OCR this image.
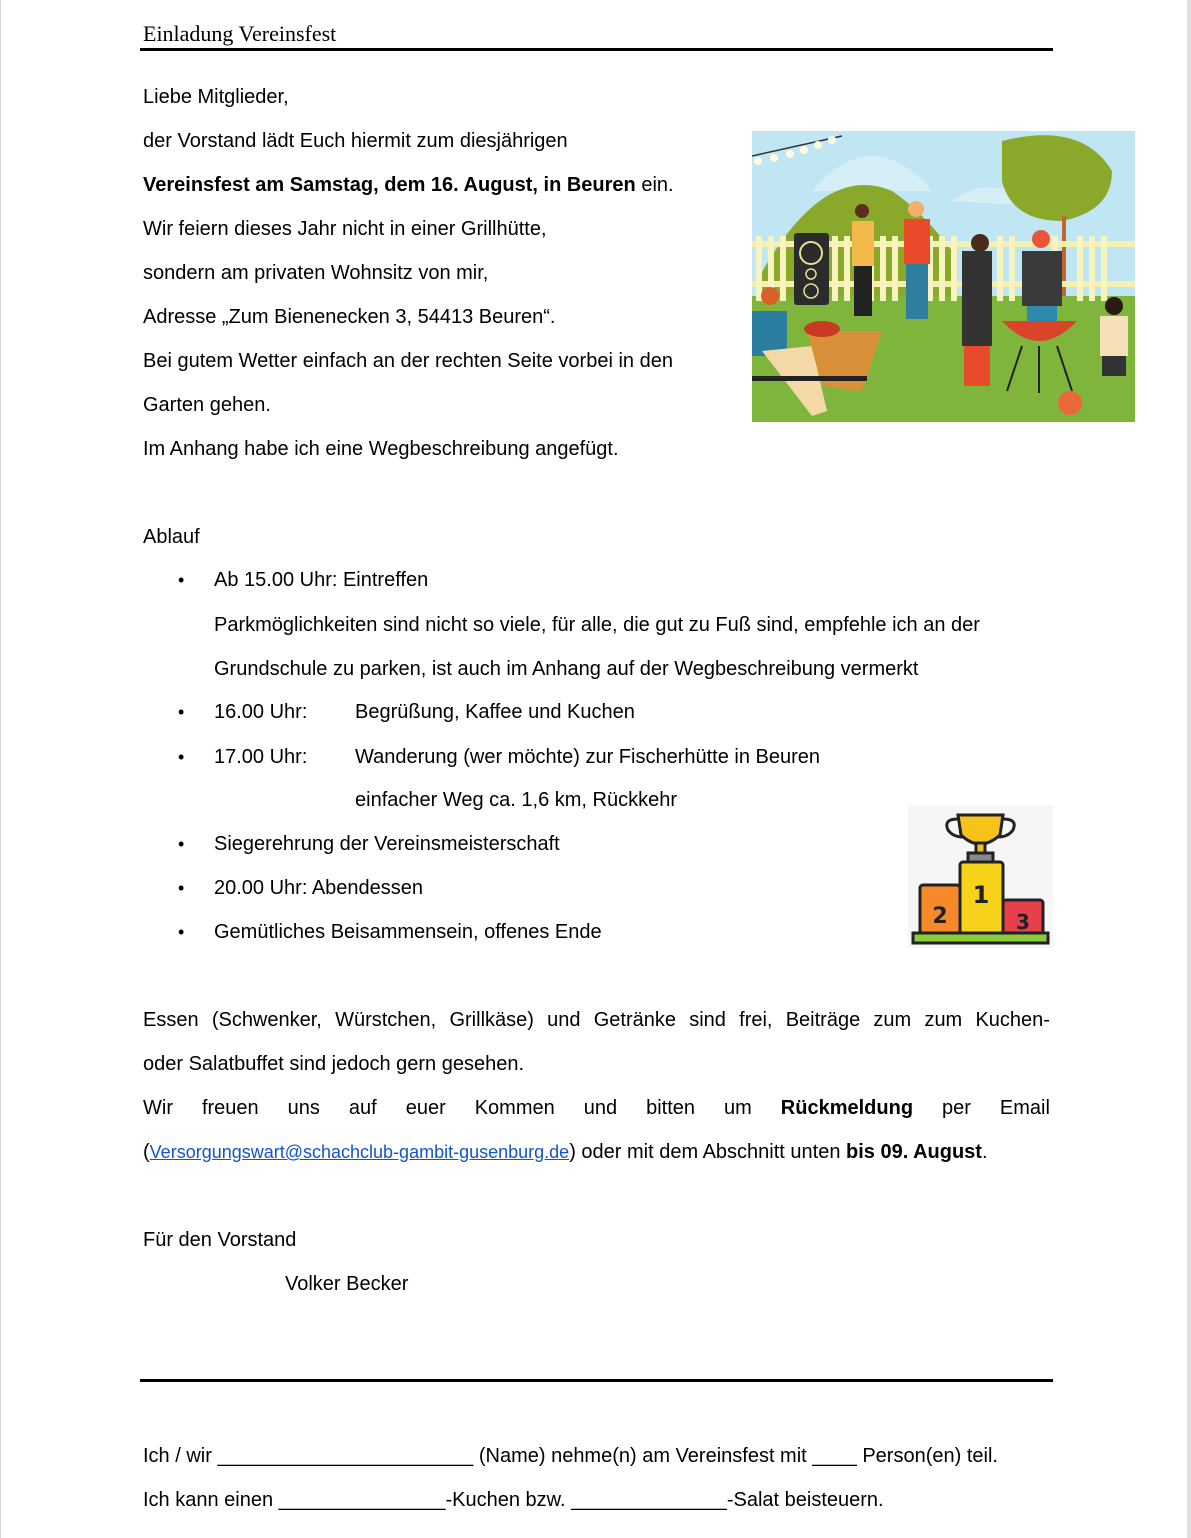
Einladung Vereinsfest
Liebe Mitglieder,
der Vorstand lädt Euch hiermit zum diesjährigen
Vereinsfest am Samstag, dem 16. August, in Beuren ein.
Wir feiern dieses Jahr nicht in einer Grillhütte,
sondern am privaten Wohnsitz von mir,
Adresse „Zum Bienenecken 3, 54413 Beuren“.
Bei gutem Wetter einfach an der rechten Seite vorbei in den
Garten gehen.
Im Anhang habe ich eine Wegbeschreibung angefügt.
Ablauf
• Ab 15.00 Uhr: Eintreffen
Parkmöglichkeiten sind nicht so viele, für alle, die gut zu Fuß sind, empfehle ich an der
Grundschule zu parken, ist auch im Anhang auf der Wegbeschreibung vermerkt
• 16.00 Uhr: Begrüßung, Kaffee und Kuchen
• 17.00 Uhr: Wanderung (wer möchte) zur Fischerhütte in Beuren
einfacher Weg ca. 1,6 km, Rückkehr
• Siegerehrung der Vereinsmeisterschaft
• 20.00 Uhr: Abendessen
• Gemütliches Beisammensein, offenes Ende
1
2	3
Essen (Schwenker, Würstchen, Grillkäse) und Getränke sind frei, Beiträge zum zum Kuchen-
oder Salatbuffet sind jedoch gern gesehen.
Wir freuen uns auf euer Kommen und bitten um Rückmeldung per Email
(Versorgungswart@schachclub-gambit-gusenburg.de) oder mit dem Abschnitt unten bis 09. August.
Für den Vorstand
Volker Becker
Ich / wir _______________________ (Name) nehme(n) am Vereinsfest mit ____ Person(en) teil.
Ich kann einen _______________-Kuchen bzw. ______________-Salat beisteuern.
